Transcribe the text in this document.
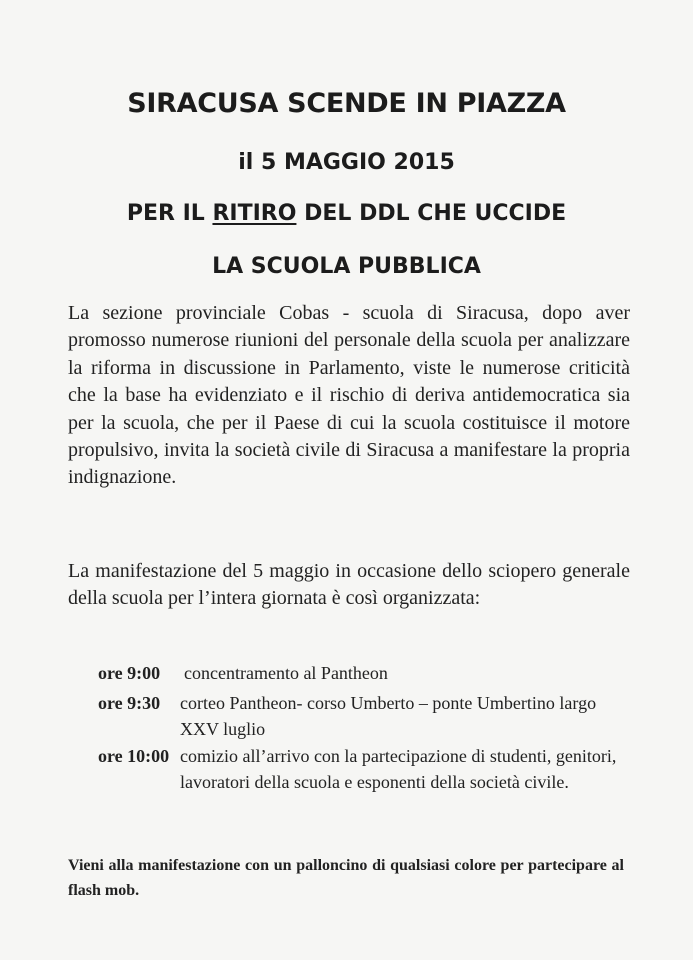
SIRACUSA SCENDE IN PIAZZA
il 5 MAGGIO 2015
PER IL RITIRO DEL DDL CHE UCCIDE
LA SCUOLA PUBBLICA

La sezione provinciale Cobas - scuola di Siracusa, dopo aver promosso numerose riunioni del personale della scuola per analizzare la riforma in discussione in Parlamento, viste le numerose criticità che la base ha evidenziato e il rischio di deriva antidemocratica sia per la scuola, che per il Paese di cui la scuola costituisce il motore propulsivo, invita la società civile di Siracusa a manifestare la propria indignazione.

La manifestazione del 5 maggio in occasione dello sciopero generale della scuola per l’intera giornata è così organizzata:

ore 9:00	concentramento al Pantheon
ore 9:30	corteo Pantheon- corso Umberto – ponte Umbertino largo XXV luglio
ore 10:00 comizio all’arrivo con la partecipazione di studenti, genitori, lavoratori della scuola e esponenti della società civile.

Vieni alla manifestazione con un palloncino di qualsiasi colore per partecipare al flash mob.
